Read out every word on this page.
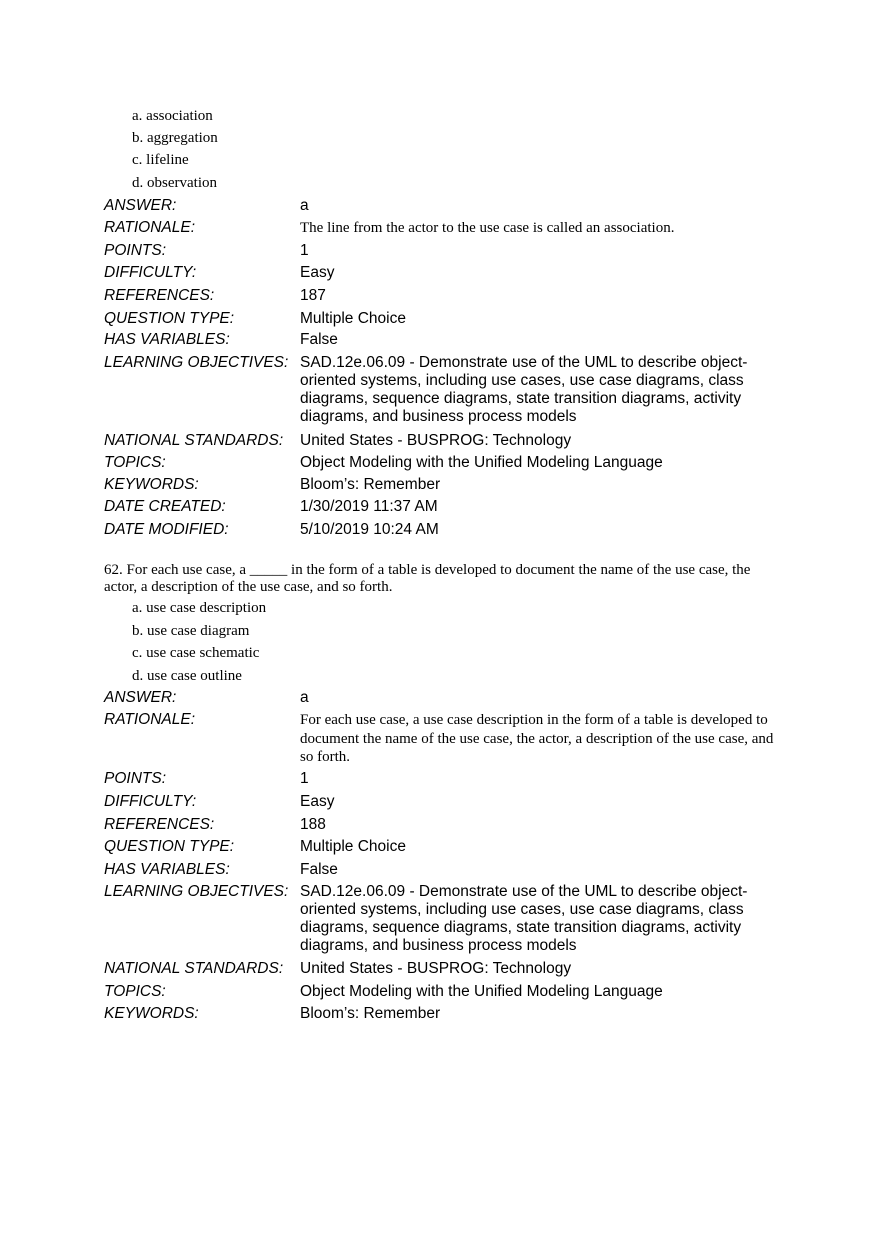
a. association
b. aggregation
c. lifeline
d. observation
ANSWER:	a
RATIONALE:	The line from the actor to the use case is called an association.
POINTS:	1
DIFFICULTY:	Easy
REFERENCES:	187
QUESTION TYPE:	Multiple Choice
HAS VARIABLES:	False
LEARNING OBJECTIVES: SAD.12e.06.09 - Demonstrate use of the UML to describe object-oriented systems, including use cases, use case diagrams, class diagrams, sequence diagrams, state transition diagrams, activity diagrams, and business process models
NATIONAL STANDARDS: United States - BUSPROG: Technology
TOPICS:	Object Modeling with the Unified Modeling Language
KEYWORDS:	Bloom’s: Remember
DATE CREATED:	1/30/2019 11:37 AM
DATE MODIFIED:	5/10/2019 10:24 AM
62. For each use case, a _____ in the form of a table is developed to document the name of the use case, the actor, a description of the use case, and so forth.
a. use case description
b. use case diagram
c. use case schematic
d. use case outline
ANSWER:	a
RATIONALE:	For each use case, a use case description in the form of a table is developed to document the name of the use case, the actor, a description of the use case, and so forth.
POINTS:	1
DIFFICULTY:	Easy
REFERENCES:	188
QUESTION TYPE:	Multiple Choice
HAS VARIABLES:	False
LEARNING OBJECTIVES: SAD.12e.06.09 - Demonstrate use of the UML to describe object-oriented systems, including use cases, use case diagrams, class diagrams, sequence diagrams, state transition diagrams, activity diagrams, and business process models
NATIONAL STANDARDS: United States - BUSPROG: Technology
TOPICS:	Object Modeling with the Unified Modeling Language
KEYWORDS:	Bloom’s: Remember
